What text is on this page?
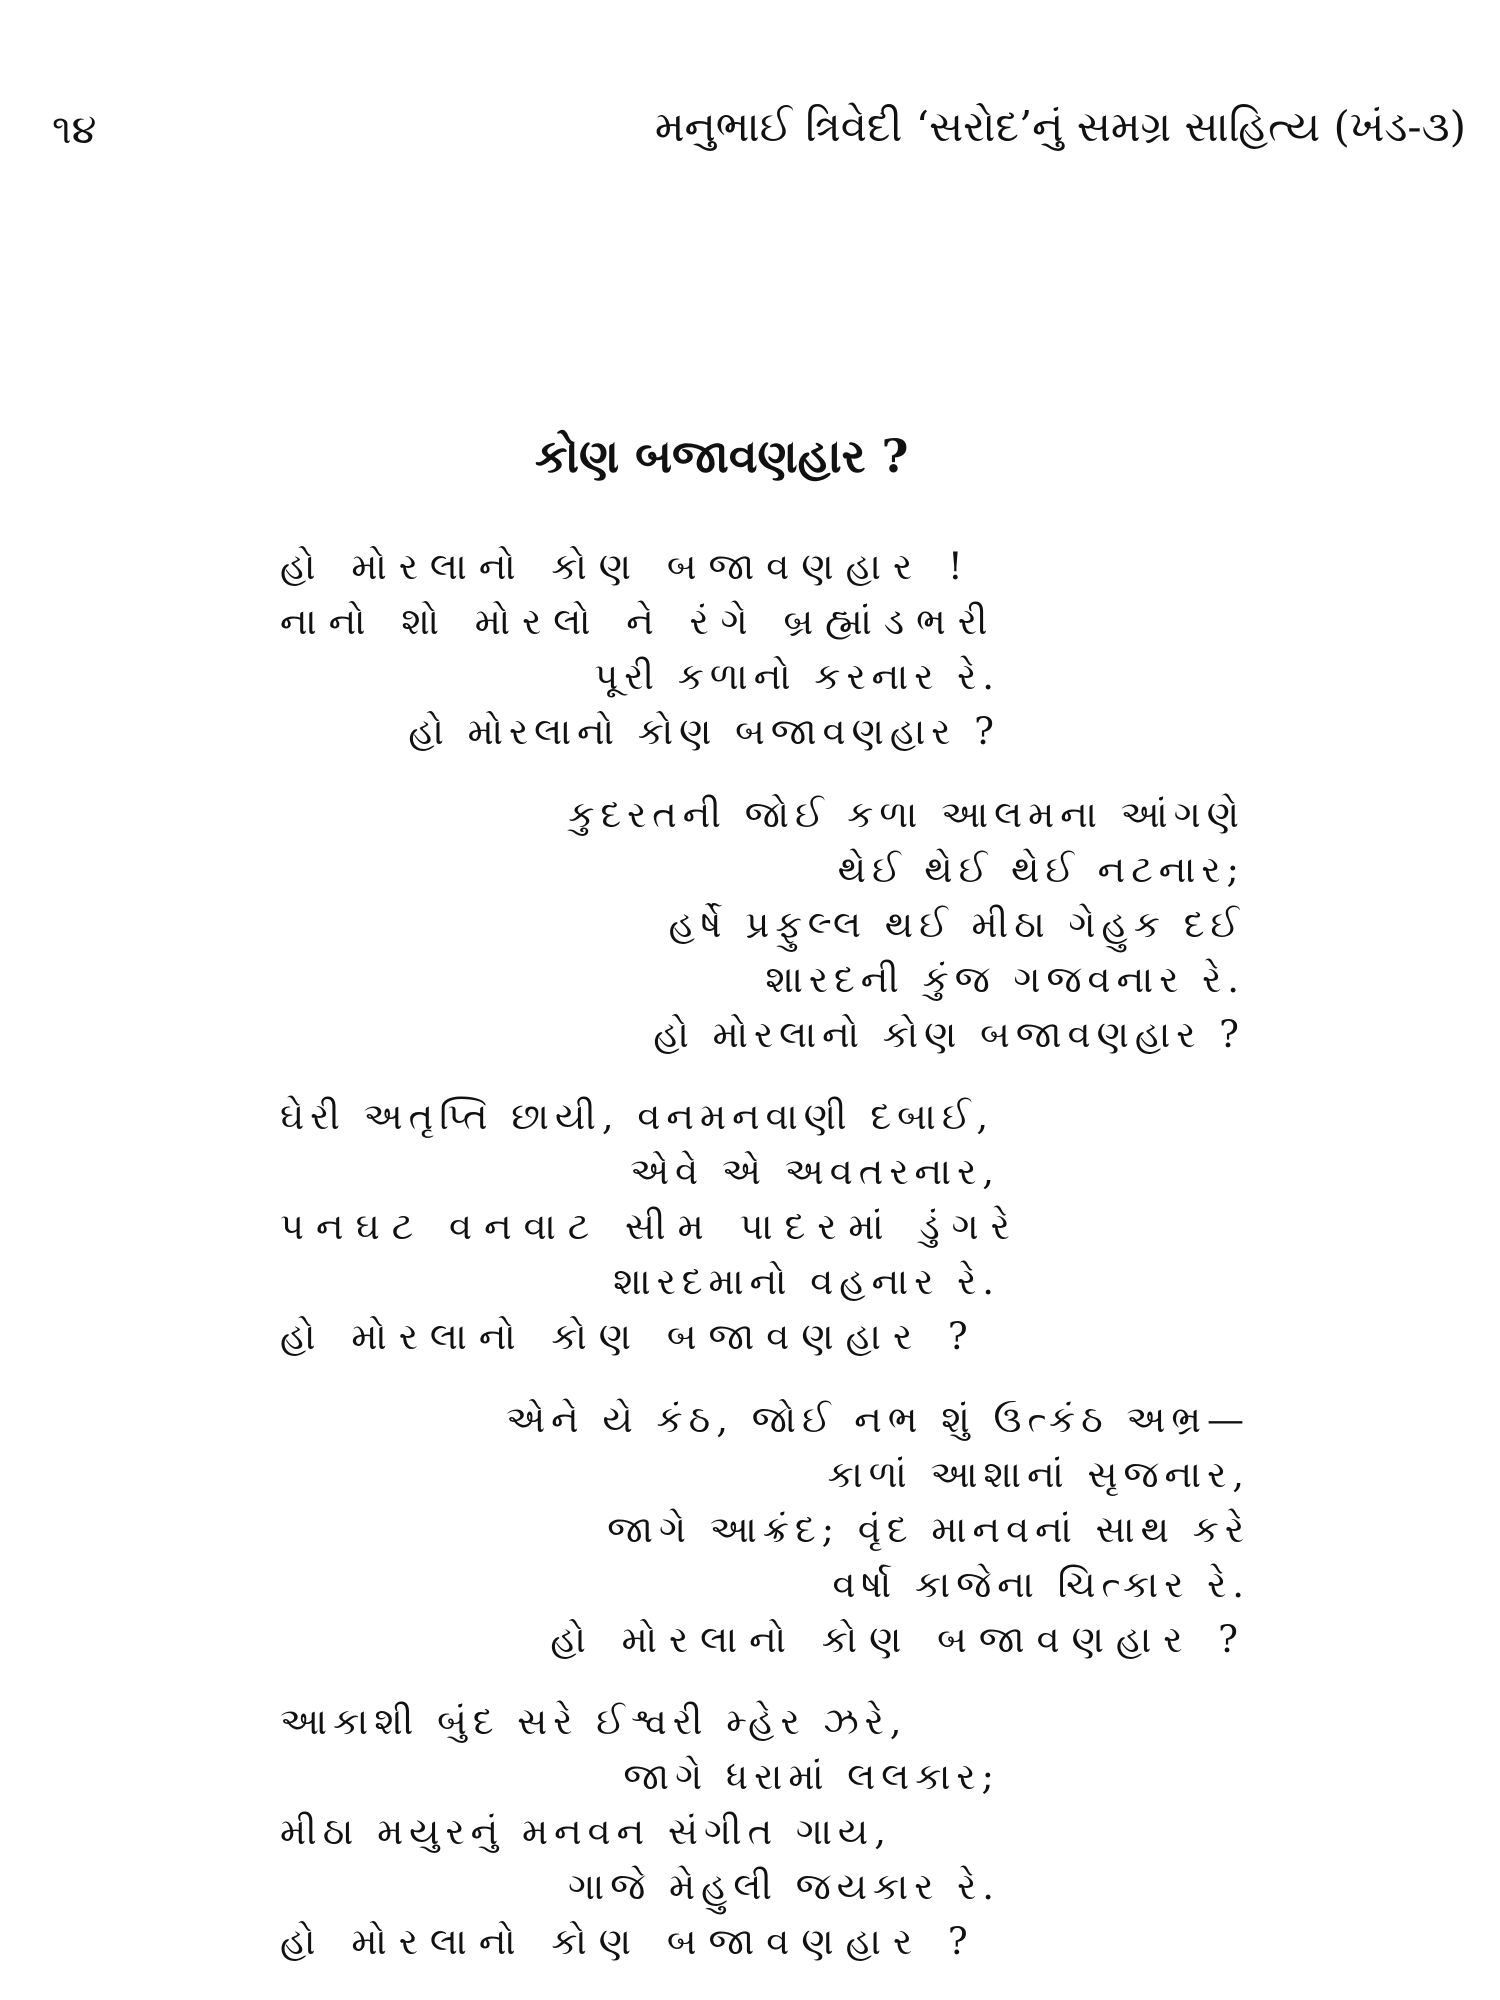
૧૪	મનુભાઈ ત્રિવેદી ‘સરોદ’નું સમગ્ર સાહિત્ય (ખંડ-૩)
કોણ બજાવણહાર ?
હો મોરલાનો કોણ બજાવણહાર !
નાનો શો મોરલો ને રંગે બ્રહ્માંડભરી
પૂરી કળાનો કરનાર રે.
હો મોરલાનો કોણ બજાવણહાર ?
કુદરતની જોઈ કળા આલમના આંગણે
થેઈ થેઈ થેઈ નટનાર;
હર્ષે પ્રફુલ્લ થઈ મીઠા ગેહુક દઈ
શારદની કુંજ ગજવનાર રે.
હો મોરલાનો કોણ બજાવણહાર ?
ઘેરી અતૃપ્તિ છાયી, વનમનવાણી દબાઈ,
એવે એ અવતરનાર,
પનઘટ વનવાટ સીમ પાદરમાં ડુંગરે
શારદમાનો વહનાર રે.
હો મોરલાનો કોણ બજાવણહાર ?
એને યે કંઠ, જોઈ નભ શું ઉત્કંઠ અભ્ર—
કાળાં આશાનાં સૃજનાર,
જાગે આક્રંદ; વૃંદ માનવનાં સાથ કરે
વર્ષા કાજેના ચિત્કાર રે.
હો મોરલાનો કોણ બજાવણહાર ?
આકાશી બુંદ સરે ઈશ્વરી મ્હેર ઝરે,
જાગે ધરામાં લલકાર;
મીઠા મયુરનું મનવન સંગીત ગાય,
ગાજે મેહુલી જયકાર રે.
હો મોરલાનો કોણ બજાવણહાર ?
